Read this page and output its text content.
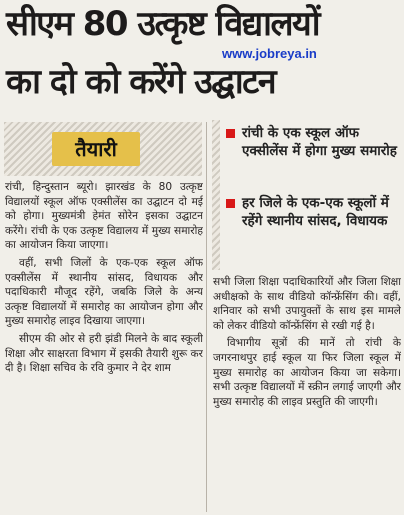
सीएम 80 उत्कृष्ट विद्यालयों
का दो को करेंगे उद्घाटन
www.jobreya.in
तैयारी

रांची, हिन्दुस्तान ब्यूरो। झारखंड के 80 उत्कृष्ट विद्यालयों स्कूल ऑफ एक्सीलेंस का उद्घाटन दो मई को होगा। मुख्यमंत्री हेमंत सोरेन इसका उद्घाटन करेंगे। रांची के एक उत्कृष्ट विद्यालय में मुख्य समारोह का आयोजन किया जाएगा।

वहीं, सभी जिलों के एक-एक स्कूल ऑफ एक्सीलेंस में स्थानीय सांसद, विधायक और पदाधिकारी मौजूद रहेंगे, जबकि जिले के अन्य उत्कृष्ट विद्यालयों में समारोह का आयोजन होगा और मुख्य समारोह लाइव दिखाया जाएगा।

सीएम की ओर से हरी झंडी मिलने के बाद स्कूली शिक्षा और साक्षरता विभाग में इसकी तैयारी शुरू कर दी है। शिक्षा सचिव के रवि कुमार ने देर शाम

रांची के एक स्कूल ऑफ एक्सीलेंस में होगा मुख्य समारोह
हर जिले के एक-एक स्कूलों में रहेंगे स्थानीय सांसद, विधायक

सभी जिला शिक्षा पदाधिकारियों और जिला शिक्षा अधीक्षको के साथ वीडियो कॉन्फ्रेंसिंग की। वहीं, शनिवार को सभी उपायुक्तों के साथ इस मामले को लेकर वीडियो कॉन्फ्रेंसिंग से रखी गई है।

विभागीय सूत्रों की मानें तो रांची के जगरनाथपुर हाई स्कूल या फिर जिला स्कूल में मुख्य समारोह का आयोजन किया जा सकेगा। सभी उत्कृष्ट विद्यालयों में स्क्रीन लगाई जाएगी और मुख्य समारोह की लाइव प्रस्तुति की जाएगी।
